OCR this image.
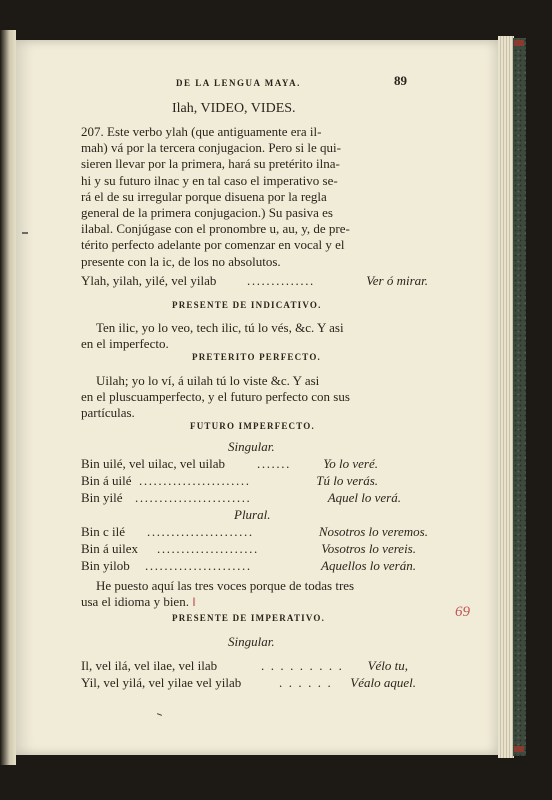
DE LA LENGUA MAYA.	89
Ilah, VIDEO, VIDES.

207. Este verbo ylah (que antiguamente era il-

mah) vá por la tercera conjugacion. Pero si le qui-

sieren llevar por la primera, hará su pretérito ilna-

hi y su futuro ilnac y en tal caso el imperativo se-

rá el de su irregular porque disuena por la regla

general de la primera conjugacion.) Su pasiva es

ilabal. Conjúgase con el pronombre u, au, y, de pre-

térito perfecto adelante por comenzar en vocal y el

presente con la ic, de los no absolutos.

Ylah, yilah, yilé, vel yilab ..............	Ver ó mirar.
PRESENTE DE INDICATIVO.

Ten ilic, yo lo veo, tech ilic, tú lo vés, &c. Y asi

en el imperfecto.

PRETERITO PERFECTO.

Uilah; yo lo ví, á uilah tú lo viste &c. Y asi

en el pluscuamperfecto, y el futuro perfecto con sus

partículas.

FUTURO IMPERFECTO.
Singular.
Bin uilé, vel uilac, vel uilab .......	Yo lo veré.
Bin á uilé .......................	Tú lo verás.
Bin yilé ........................	Aquel lo verá.
Plural.
Bin c ilé ......................	Nosotros lo veremos.
Bin á uilex .....................	Vosotros lo vereis.
Bin yilob ......................	Aquellos lo verán.

He puesto aquí las tres voces porque de todas tres

usa el idioma y bien. ‖

69
PRESENTE DE IMPERATIVO.
Singular.
Il, vel ilá, vel ilae, vel ilab	. . . . . . . . . Vélo tu,
Yil, vel yilá, vel yilae vel yilab	. . . . . . Véalo aquel.
